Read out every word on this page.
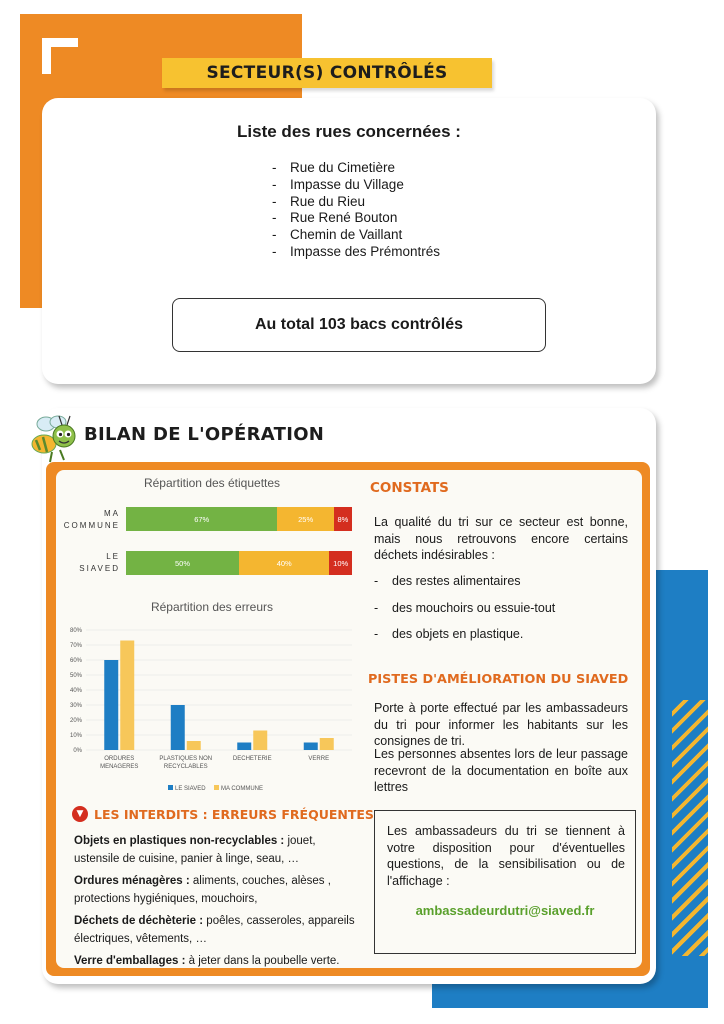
SECTEUR(S) CONTRÔLÉS
Liste des rues concernées :
- Rue du Cimetière
- Impasse du Village
- Rue du Rieu
- Rue René Bouton
- Chemin de Vaillant
- Impasse des Prémontrés
Au total 103 bacs contrôlés
BILAN DE L'OPÉRATION
Répartition des étiquettes
MA
COMMUNE
LE
SIAVED
67%	25%	8%
50%	40%	10%
Répartition des erreurs
0%
10%
20%
30%
40%
50%
60%
70%
80%
ORDURES
MENAGERES
PLASTIQUES NON
RECYCLABLES
DECHETERIE	VERRE
LE SIAVED	MA COMMUNE
▼ LES INTERDITS : ERREURS FRÉQUENTES
Objets en plastiques non-recyclables : jouet, ustensile de cuisine, panier à linge, seau, …
Ordures ménagères : aliments, couches, alèses , protections hygiéniques, mouchoirs,
Déchets de déchèterie : poêles, casseroles, appareils électriques, vêtements, …
Verre d'emballages : à jeter dans la poubelle verte.
CONSTATS
La qualité du tri sur ce secteur est bonne, mais nous retrouvons encore certains déchets indésirables :
- des restes alimentaires
- des mouchoirs ou essuie-tout
- des objets en plastique.
PISTES D'AMÉLIORATION DU SIAVED
Porte à porte effectué par les ambassadeurs du tri pour informer les habitants sur les consignes de tri.
Les personnes absentes lors de leur passage recevront de la documentation en boîte aux lettres
Les ambassadeurs du tri se tiennent à votre disposition pour d'éventuelles questions, de la sensibilisation ou de l'affichage :
ambassadeurdutri@siaved.fr
